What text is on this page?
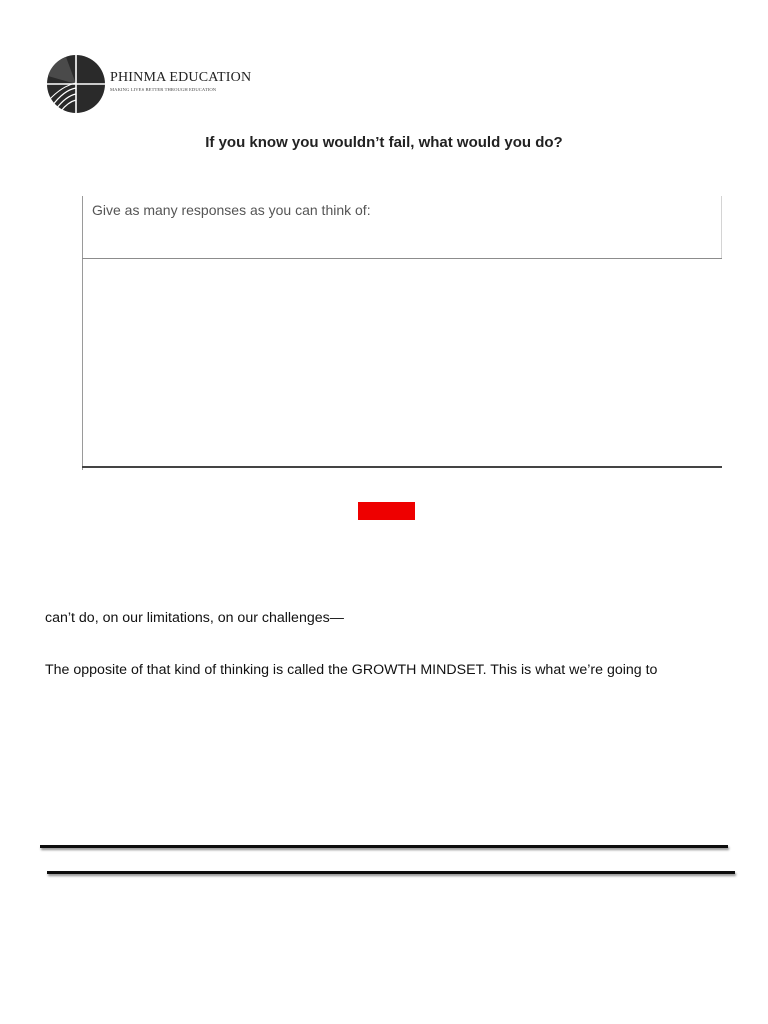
PHINMA EDUCATION
MAKING LIVES BETTER THROUGH EDUCATION
If you know you wouldn’t fail, what would you do?
Give as many responses as you can think of:
can’t do, on our limitations, on our challenges—
The opposite of that kind of thinking is called the GROWTH MINDSET. This is what we’re going to
